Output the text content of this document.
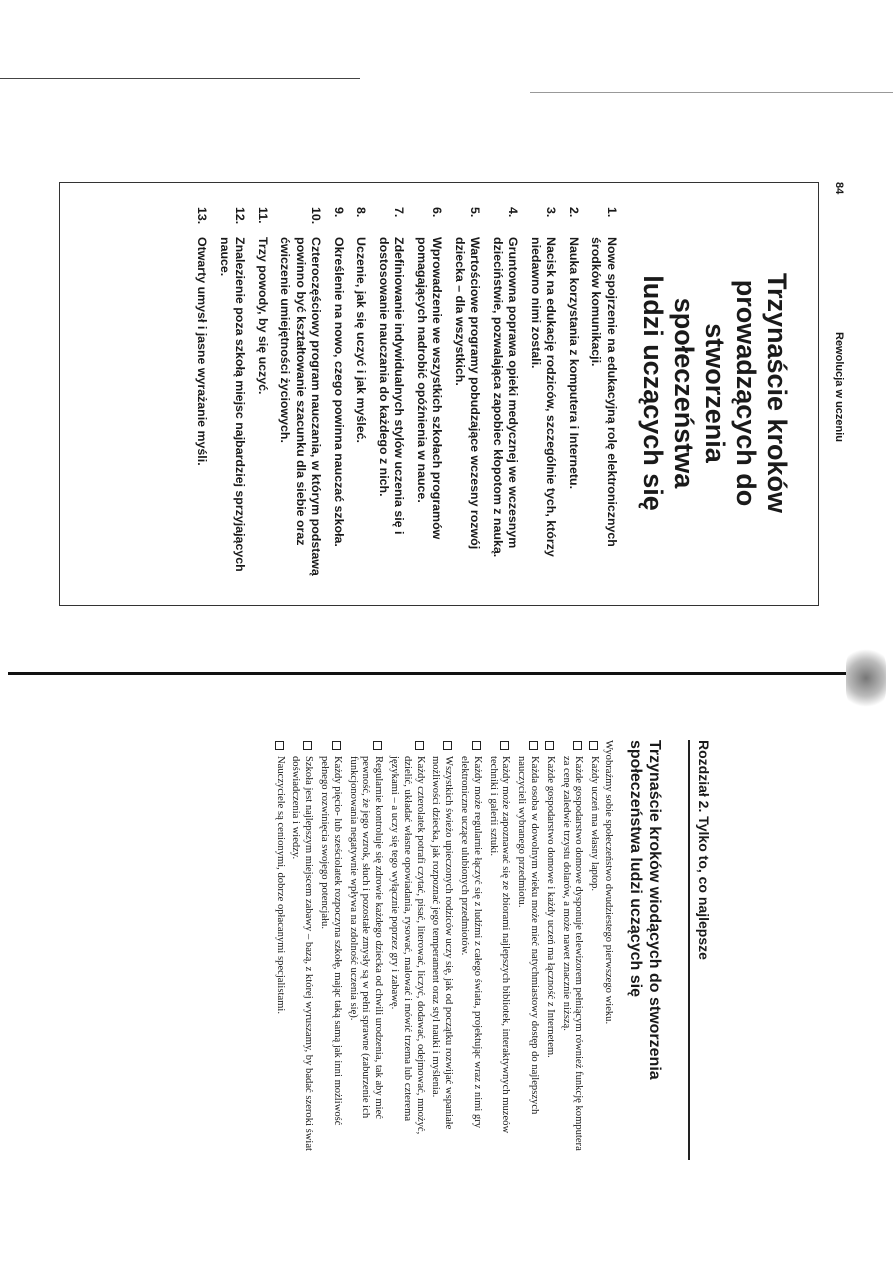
84
Rewolucja w uczeniu
Trzynaście kroków
prowadzących do stworzenia
społeczeństwa
ludzi uczących się
1.
Nowe spojrzenie na edukacyjną rolę elektronicznych środków komunikacji.
2.
Nauka korzystania z komputera i Internetu.
3.
Nacisk na edukację rodziców, szczególnie tych, którzy niedawno nimi zostali.
4.
Gruntowna poprawa opieki medycznej we wczesnym dzieciństwie, pozwalająca zapobiec kłopotom z nauką.
5.
Wartościowe programy pobudzające wczesny rozwój dziecka – dla wszystkich.
6.
Wprowadzenie we wszystkich szkołach programów pomagających nadrobić opóźnienia w nauce.
7.
Zdefiniowanie indywidualnych stylów uczenia się i dostosowanie nauczania do każdego z nich.
8.
Uczenie, jak się uczyć i jak myśleć.
9.
Określenie na nowo, czego powinna nauczać szkoła.
10.
Czteroczęściowy program nauczania, w którym podstawą powinno być kształtowanie szacunku dla siebie oraz ćwiczenie umiejętności życiowych.
11.
Trzy powody, by się uczyć.
12.
Znalezienie poza szkołą miejsc najbardziej sprzyjających nauce.
13.
Otwarty umysł i jasne wyrażanie myśli.
Rozdział 2. Tylko to, co najlepsze
Trzynaście kroków wiodących do stworzenia
społeczeństwa ludzi uczących się

Wyobraźmy sobie społeczeństwo dwudziestego pierwszego wieku.

Każdy uczeń ma własny laptop.
Każde gospodarstwo domowe dysponuje telewizorem pełniącym również funkcję komputera za cenę zaledwie trzystu dolarów, a może nawet znacznie niższą.
Każde gospodarstwo domowe i każdy uczeń ma łączność z Internetem.
Każda osoba w dowolnym wieku może mieć natychmiastowy dostęp do najlepszych nauczycieli wybranego przedmiotu.
Każdy może zapoznawać się ze zbiorami najlepszych bibliotek, interaktywnych muzeów techniki i galerii sztuki.
Każdy może regularnie łączyć się z ludźmi z całego świata, projektując wraz z nimi gry elektroniczne uczące ulubionych przedmiotów.
Wszystkich świeżo upieczonych rodziców uczy się, jak od początku rozwijać wspaniałe możliwości dziecka, jak rozpoznać jego temperament oraz styl nauki i myślenia.
Każdy czterolatek potrafi czytać, pisać, literować, liczyć, dodawać, odejmować, mnożyć, dzielić, układać własne opowiadania, rysować, malować i mówić trzema lub czterema językami – a uczy się tego wyłącznie poprzez gry i zabawę.
Regularnie kontroluje się zdrowie każdego dziecka od chwili urodzenia, tak aby mieć pewność, że jego wzrok, słuch i pozostałe zmysły są w pełni sprawne (zaburzenie ich funkcjonowania negatywnie wpływa na zdolność uczenia się).
Każdy pięcio- lub sześciolatek rozpoczyna szkołę, mając taką samą jak inni możliwość pełnego rozwinięcia swojego potencjału.
Szkoła jest najlepszym miejscem zabawy – bazą, z której wyruszamy, by badać szeroki świat doświadczenia i wiedzy.
Nauczyciele są cenionymi, dobrze opłacanymi specjalistami.
